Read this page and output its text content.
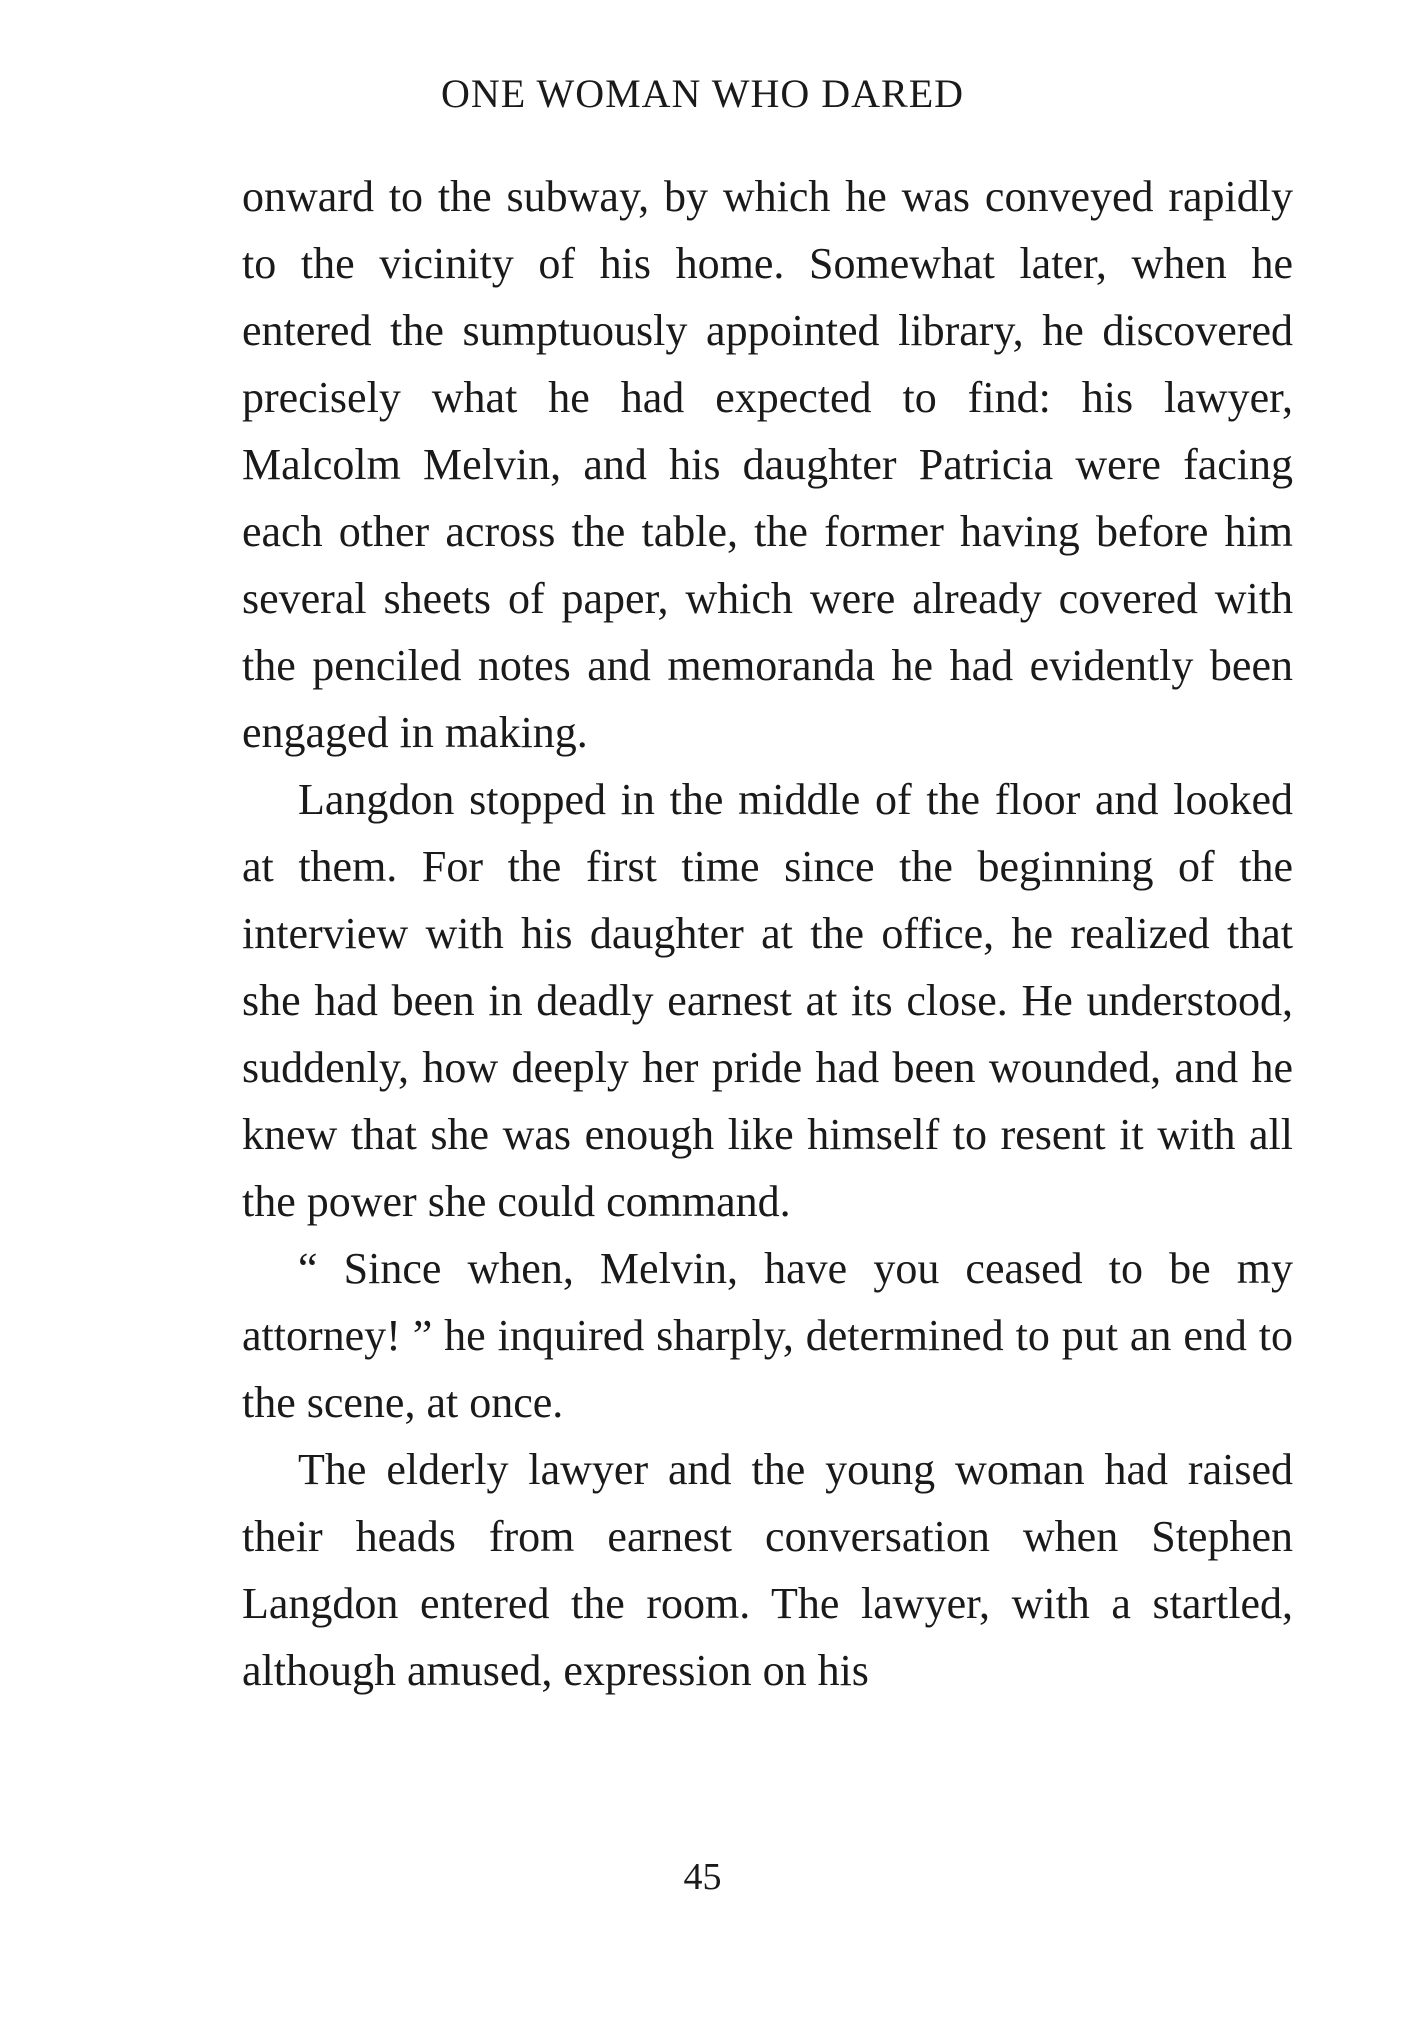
ONE WOMAN WHO DARED

onward to the subway, by which he was conveyed rapidly to the vicinity of his home. Somewhat later, when he entered the sumptuously appointed library, he discovered precisely what he had expected to find: his lawyer, Malcolm Melvin, and his daughter Patricia were facing each other across the table, the former having before him several sheets of paper, which were already covered with the penciled notes and memoranda he had evidently been engaged in making.

Langdon stopped in the middle of the floor and looked at them. For the first time since the beginning of the interview with his daughter at the office, he realized that she had been in deadly earnest at its close. He understood, suddenly, how deeply her pride had been wounded, and he knew that she was enough like himself to resent it with all the power she could command.

“ Since when, Melvin, have you ceased to be my attorney! ” he inquired sharply, determined to put an end to the scene, at once.

The elderly lawyer and the young woman had raised their heads from earnest conversation when Stephen Langdon entered the room. The lawyer, with a startled, although amused, expression on his

45
